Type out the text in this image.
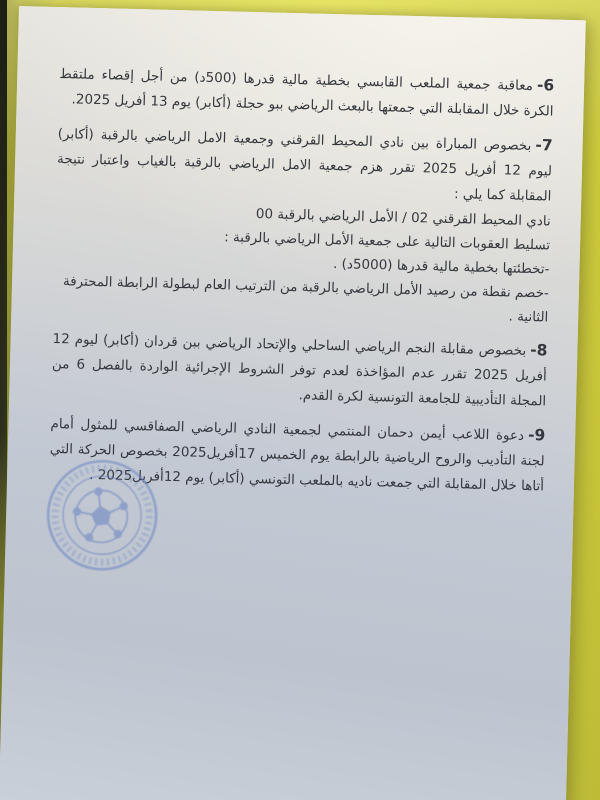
6-معاقبة جمعية الملعب القابسي بخطية مالية قدرها (500د) من أجل إقصاء ملتقط الكرة خلال المقابلة التي جمعتها بالبعث الرياضي ببو حجلة (أكابر) يوم 13 أفريل 2025.

7-بخصوص المباراة بين نادي المحيط القرقني وجمعية الامل الرياضي بالرقبة (أكابر) ليوم 12 أفريل 2025 تقرر هزم جمعية الامل الرياضي بالرقبة بالغياب واعتبار نتيجة المقابلة كما يلي :

نادي المحيط القرقني 02 / الأمل الرياضي بالرقبة 00
تسليط العقوبات التالية على جمعية الأمل الرياضي بالرقبة :
-تخطئتها بخطية مالية قدرها (5000د) .
-خصم نقطة من رصيد الأمل الرياضي بالرقبة من الترتيب العام لبطولة الرابطة المحترفة الثانية .

8-بخصوص مقابلة النجم الرياضي الساحلي والإتحاد الرياضي ببن قردان (أكابر) ليوم 12 أفريل 2025 تقرر عدم المؤاخذة لعدم توفر الشروط الإجرائية الواردة بالفصل 6 من المجلة التأديبية للجامعة التونسية لكرة القدم.

9-دعوة اللاعب أيمن دحمان المنتمي لجمعية النادي الرياضي الصفاقسي للمثول أمام لجنة التأديب والروح الرياضية بالرابطة يوم الخميس 17أفريل2025 بخصوص الحركة التي أتاها خلال المقابلة التي جمعت ناديه بالملعب التونسي (أكابر) يوم 12أفريل2025 .
